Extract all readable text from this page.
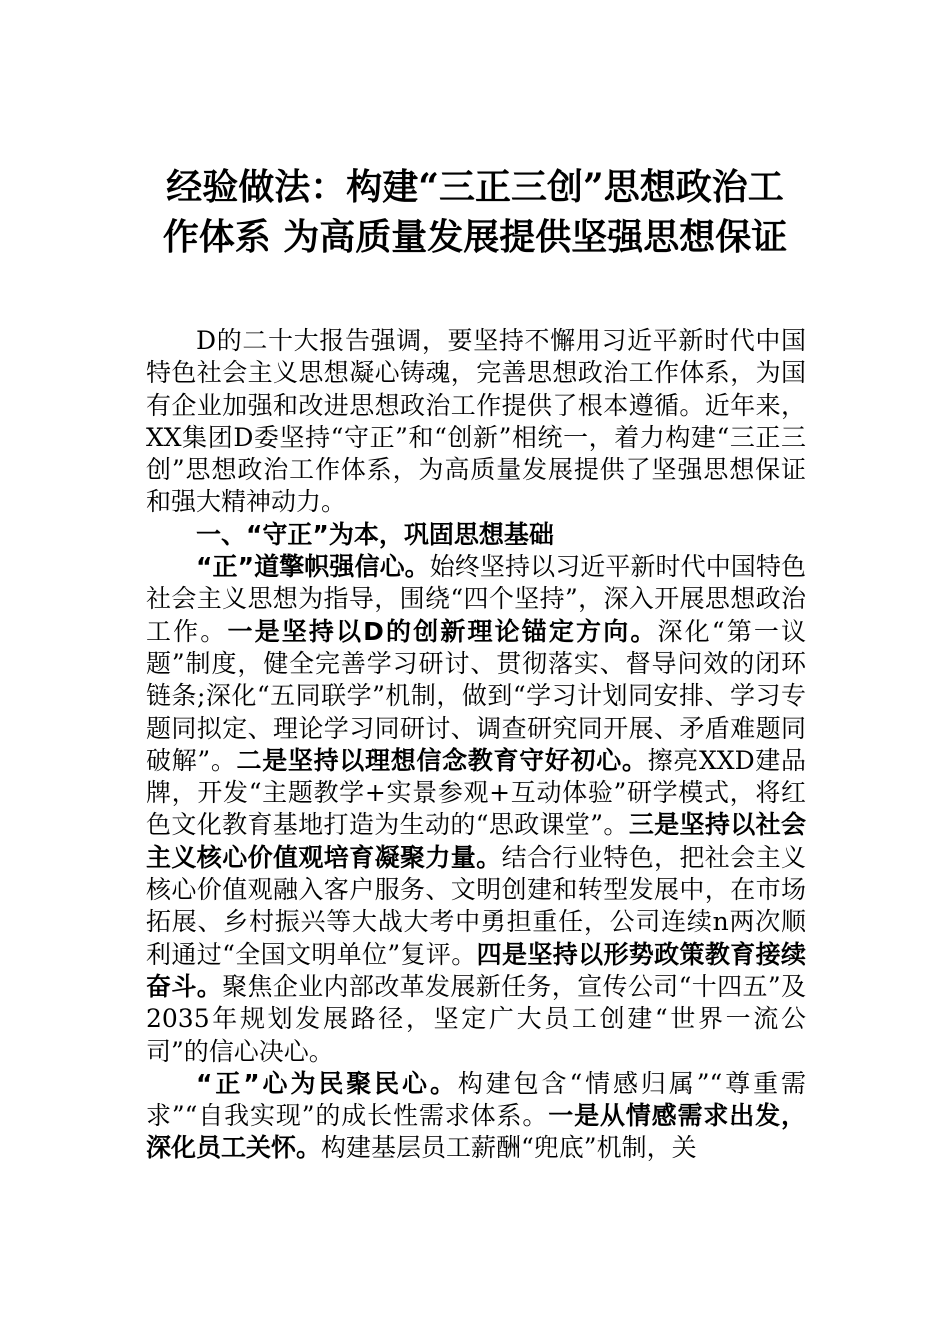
经验做法：构建“三正三创”思想政治工
作体系 为高质量发展提供坚强思想保证

D的二十大报告强调，要坚持不懈用习近平新时代中国特色社会主义思想凝心铸魂，完善思想政治工作体系，为国有企业加强和改进思想政治工作提供了根本遵循。近年来，XX集团D委坚持“守正”和“创新”相统一，着力构建“三正三创”思想政治工作体系，为高质量发展提供了坚强思想保证和强大精神动力。

一、“守正”为本，巩固思想基础

“正”道擎帜强信心。始终坚持以习近平新时代中国特色社会主义思想为指导，围绕“四个坚持”，深入开展思想政治工作。一是坚持以D的创新理论锚定方向。深化“第一议题”制度，健全完善学习研讨、贯彻落实、督导问效的闭环链条;深化“五同联学”机制，做到“学习计划同安排、学习专题同拟定、理论学习同研讨、调查研究同开展、矛盾难题同破解”。二是坚持以理想信念教育守好初心。擦亮XXD建品牌，开发“主题教学+实景参观+互动体验”研学模式，将红色文化教育基地打造为生动的“思政课堂”。三是坚持以社会主义核心价值观培育凝聚力量。结合行业特色，把社会主义核心价值观融入客户服务、文明创建和转型发展中，在市场拓展、乡村振兴等大战大考中勇担重任，公司连续n两次顺利通过“全国文明单位”复评。四是坚持以形势政策教育接续奋斗。聚焦企业内部改革发展新任务，宣传公司“十四五”及2035年规划发展路径，坚定广大员工创建“世界一流公司”的信心决心。

“正”心为民聚民心。构建包含“情感归属”“尊重需求”“自我实现”的成长性需求体系。一是从情感需求出发，深化员工关怀。构建基层员工薪酬“兜底”机制，关
